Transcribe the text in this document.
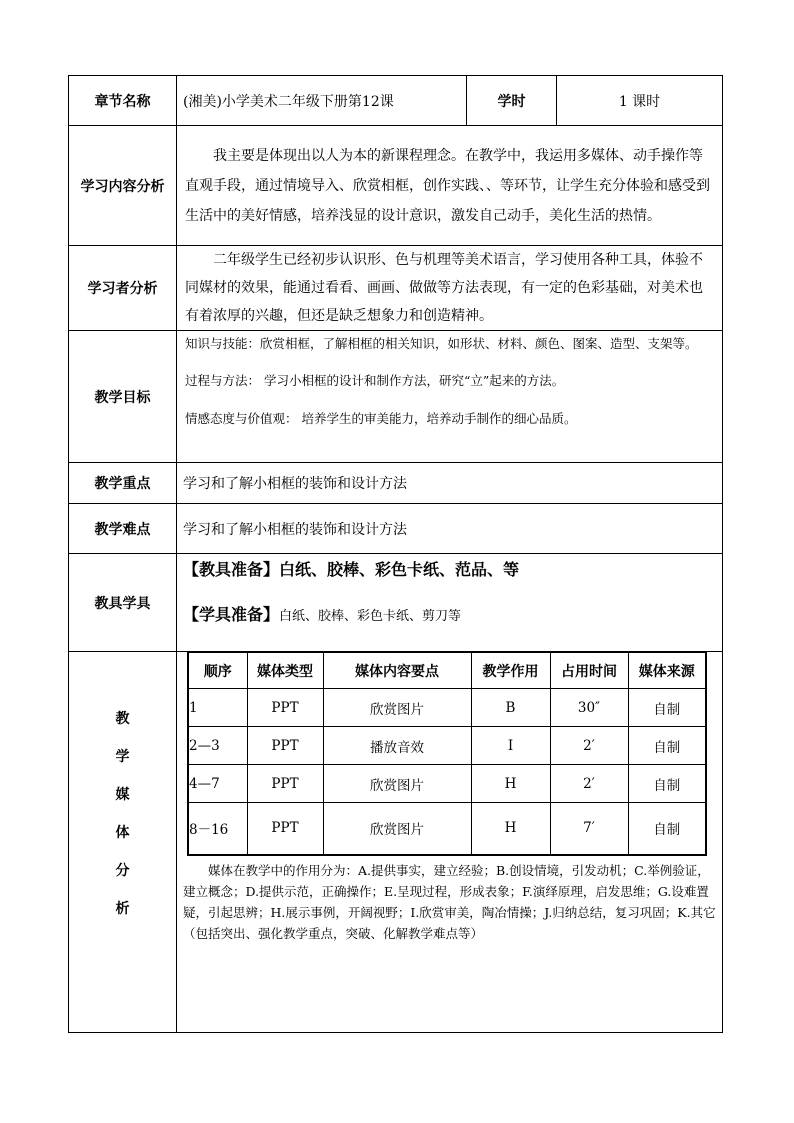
章节名称	(湘美)小学美术二年级下册第12课	学时	1 课时
学习内容分析	我主要是体现出以人为本的新课程理念。在教学中，我运用多媒体、动手操作等直观手段，通过情境导入、欣赏相框，创作实践、、等环节，让学生充分体验和感受到生活中的美好情感，培养浅显的设计意识，激发自己动手，美化生活的热情。
学习者分析	二年级学生已经初步认识形、色与机理等美术语言，学习使用各种工具，体验不同媒材的效果，能通过看看、画画、做做等方法表现，有一定的色彩基础，对美术也有着浓厚的兴趣，但还是缺乏想象力和创造精神。
教学目标	

知识与技能：欣赏相框，了解相框的相关知识，如形状、材料、颜色、图案、造型、支架等。

过程与方法： 学习小相框的设计和制作方法，研究“立”起来的方法。

情感态度与价值观： 培养学生的审美能力，培养动手制作的细心品质。

教学重点	学习和了解小相框的装饰和设计方法
教学难点	学习和了解小相框的装饰和设计方法
教具学具	
【教具准备】白纸、胶棒、彩色卡纸、范品、等
【学具准备】白纸、胶棒、彩色卡纸、剪刀等

教
学
媒
体
分
析

顺序	媒体类型	媒体内容要点	教学作用	占用时间	媒体来源
1	PPT	欣赏图片	B	30″	自制
2—3	PPT	播放音效	I	2′	自制
4—7	PPT	欣赏图片	H	2′	自制
8－16	PPT	欣赏图片	H	7′	自制
媒体在教学中的作用分为：A.提供事实，建立经验；B.创设情境，引发动机；C.举例验证，建立概念；D.提供示范，正确操作；E.呈现过程，形成表象；F.演绎原理，启发思维；G.设难置疑，引起思辨；H.展示事例，开阔视野；I.欣赏审美，陶冶情操；J.归纳总结，复习巩固；K.其它（包括突出、强化教学重点，突破、化解教学难点等）
